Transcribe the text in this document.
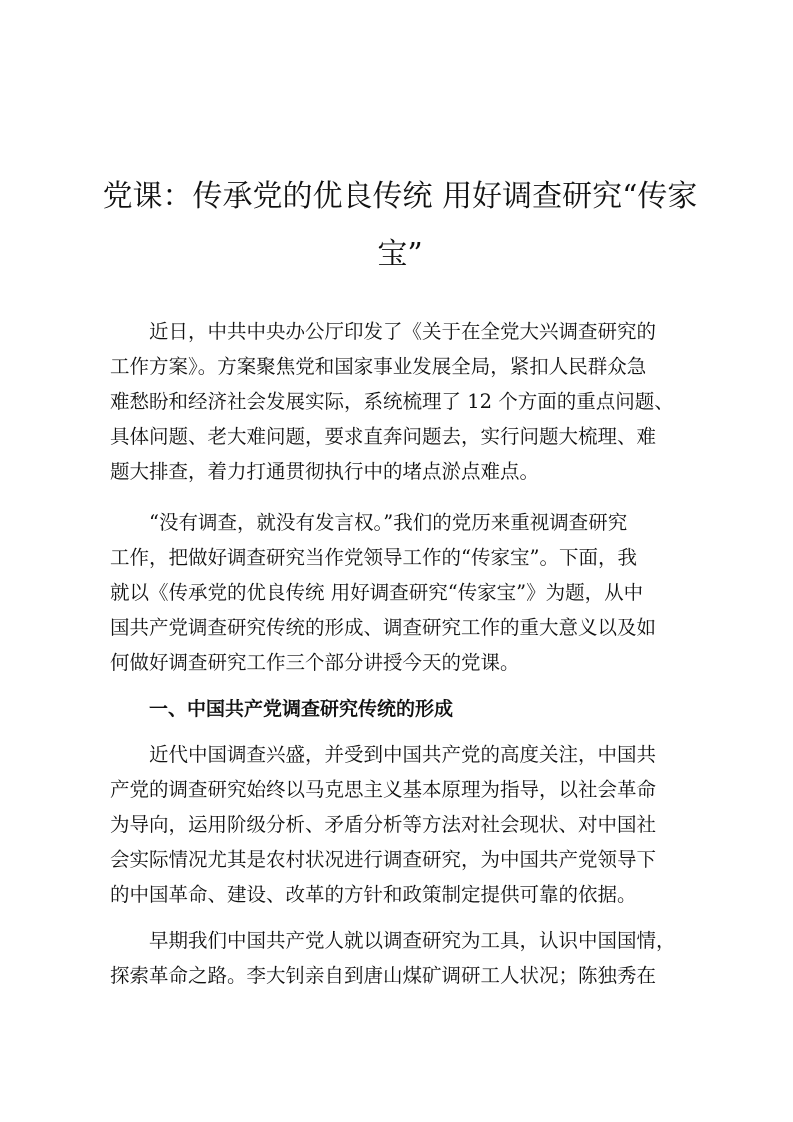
党课：传承党的优良传统 用好调查研究“传家
宝”
近日，中共中央办公厅印发了《关于在全党大兴调查研究的
工作方案》。方案聚焦党和国家事业发展全局，紧扣人民群众急
难愁盼和经济社会发展实际，系统梳理了 12 个方面的重点问题、
具体问题、老大难问题，要求直奔问题去，实行问题大梳理、难
题大排查，着力打通贯彻执行中的堵点淤点难点。
“没有调查，就没有发言权。”我们的党历来重视调查研究
工作，把做好调查研究当作党领导工作的“传家宝”。下面，我
就以《传承党的优良传统 用好调查研究“传家宝”》为题，从中
国共产党调查研究传统的形成、调查研究工作的重大意义以及如
何做好调查研究工作三个部分讲授今天的党课。
一、中国共产党调查研究传统的形成
近代中国调查兴盛，并受到中国共产党的高度关注，中国共
产党的调查研究始终以马克思主义基本原理为指导，以社会革命
为导向，运用阶级分析、矛盾分析等方法对社会现状、对中国社
会实际情况尤其是农村状况进行调查研究，为中国共产党领导下
的中国革命、建设、改革的方针和政策制定提供可靠的依据。
早期我们中国共产党人就以调查研究为工具，认识中国国情，
探索革命之路。李大钊亲自到唐山煤矿调研工人状况；陈独秀在
